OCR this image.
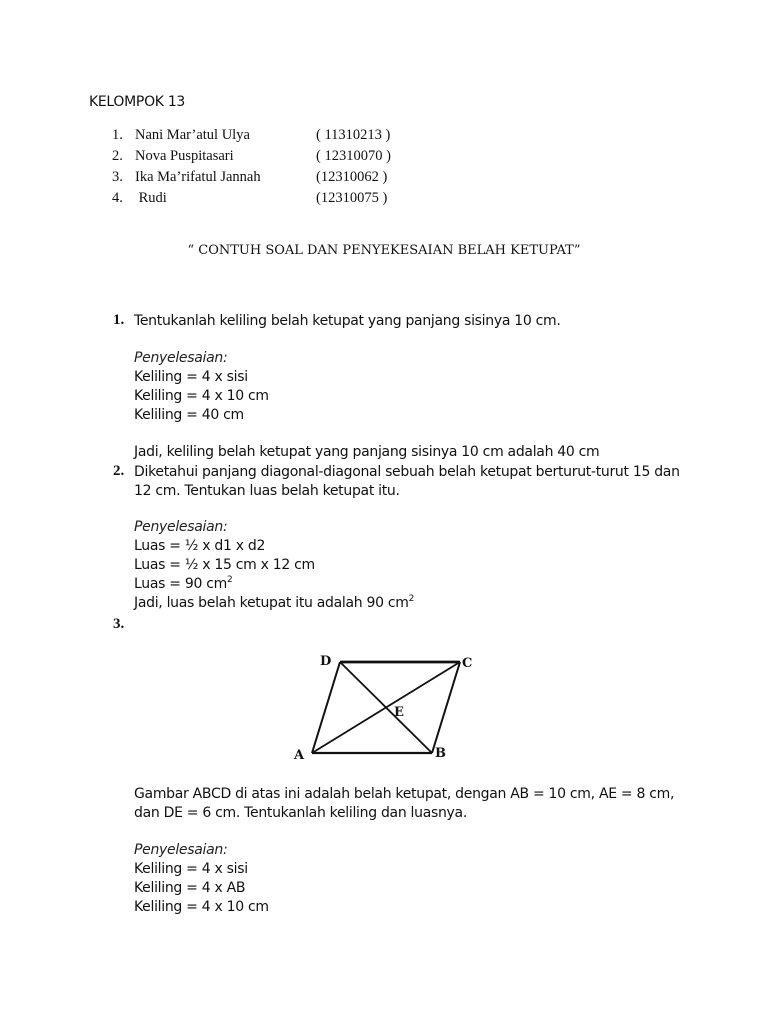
KELOMPOK 13
1. Nani Mar’atul Ulya	( 11310213 )
2. Nova Puspitasari	( 12310070 )
3. Ika Ma’rifatul Jannah	(12310062 )
4. Rudi	(12310075 )
“ CONTUH SOAL DAN PENYEKESAIAN BELAH KETUPAT”
1. Tentukanlah keliling belah ketupat yang panjang sisinya 10 cm.
Penyelesaian:
Keliling = 4 x sisi
Keliling = 4 x 10 cm
Keliling = 40 cm
Jadi, keliling belah ketupat yang panjang sisinya 10 cm adalah 40 cm
2. Diketahui panjang diagonal-diagonal sebuah belah ketupat berturut-turut 15 dan
12 cm. Tentukan luas belah ketupat itu.
Penyelesaian:
Luas = ½ x d1 x d2
Luas = ½ x 15 cm x 12 cm
Luas = 90 $cm^2$
Jadi, luas belah ketupat itu adalah 90 $cm^2$
3.
D	C
E
A	B
Gambar ABCD di atas ini adalah belah ketupat, dengan AB = 10 cm, AE = 8 cm,
dan DE = 6 cm. Tentukanlah keliling dan luasnya.
Penyelesaian:
Keliling = 4 x sisi
Keliling = 4 x AB
Keliling = 4 x 10 cm
